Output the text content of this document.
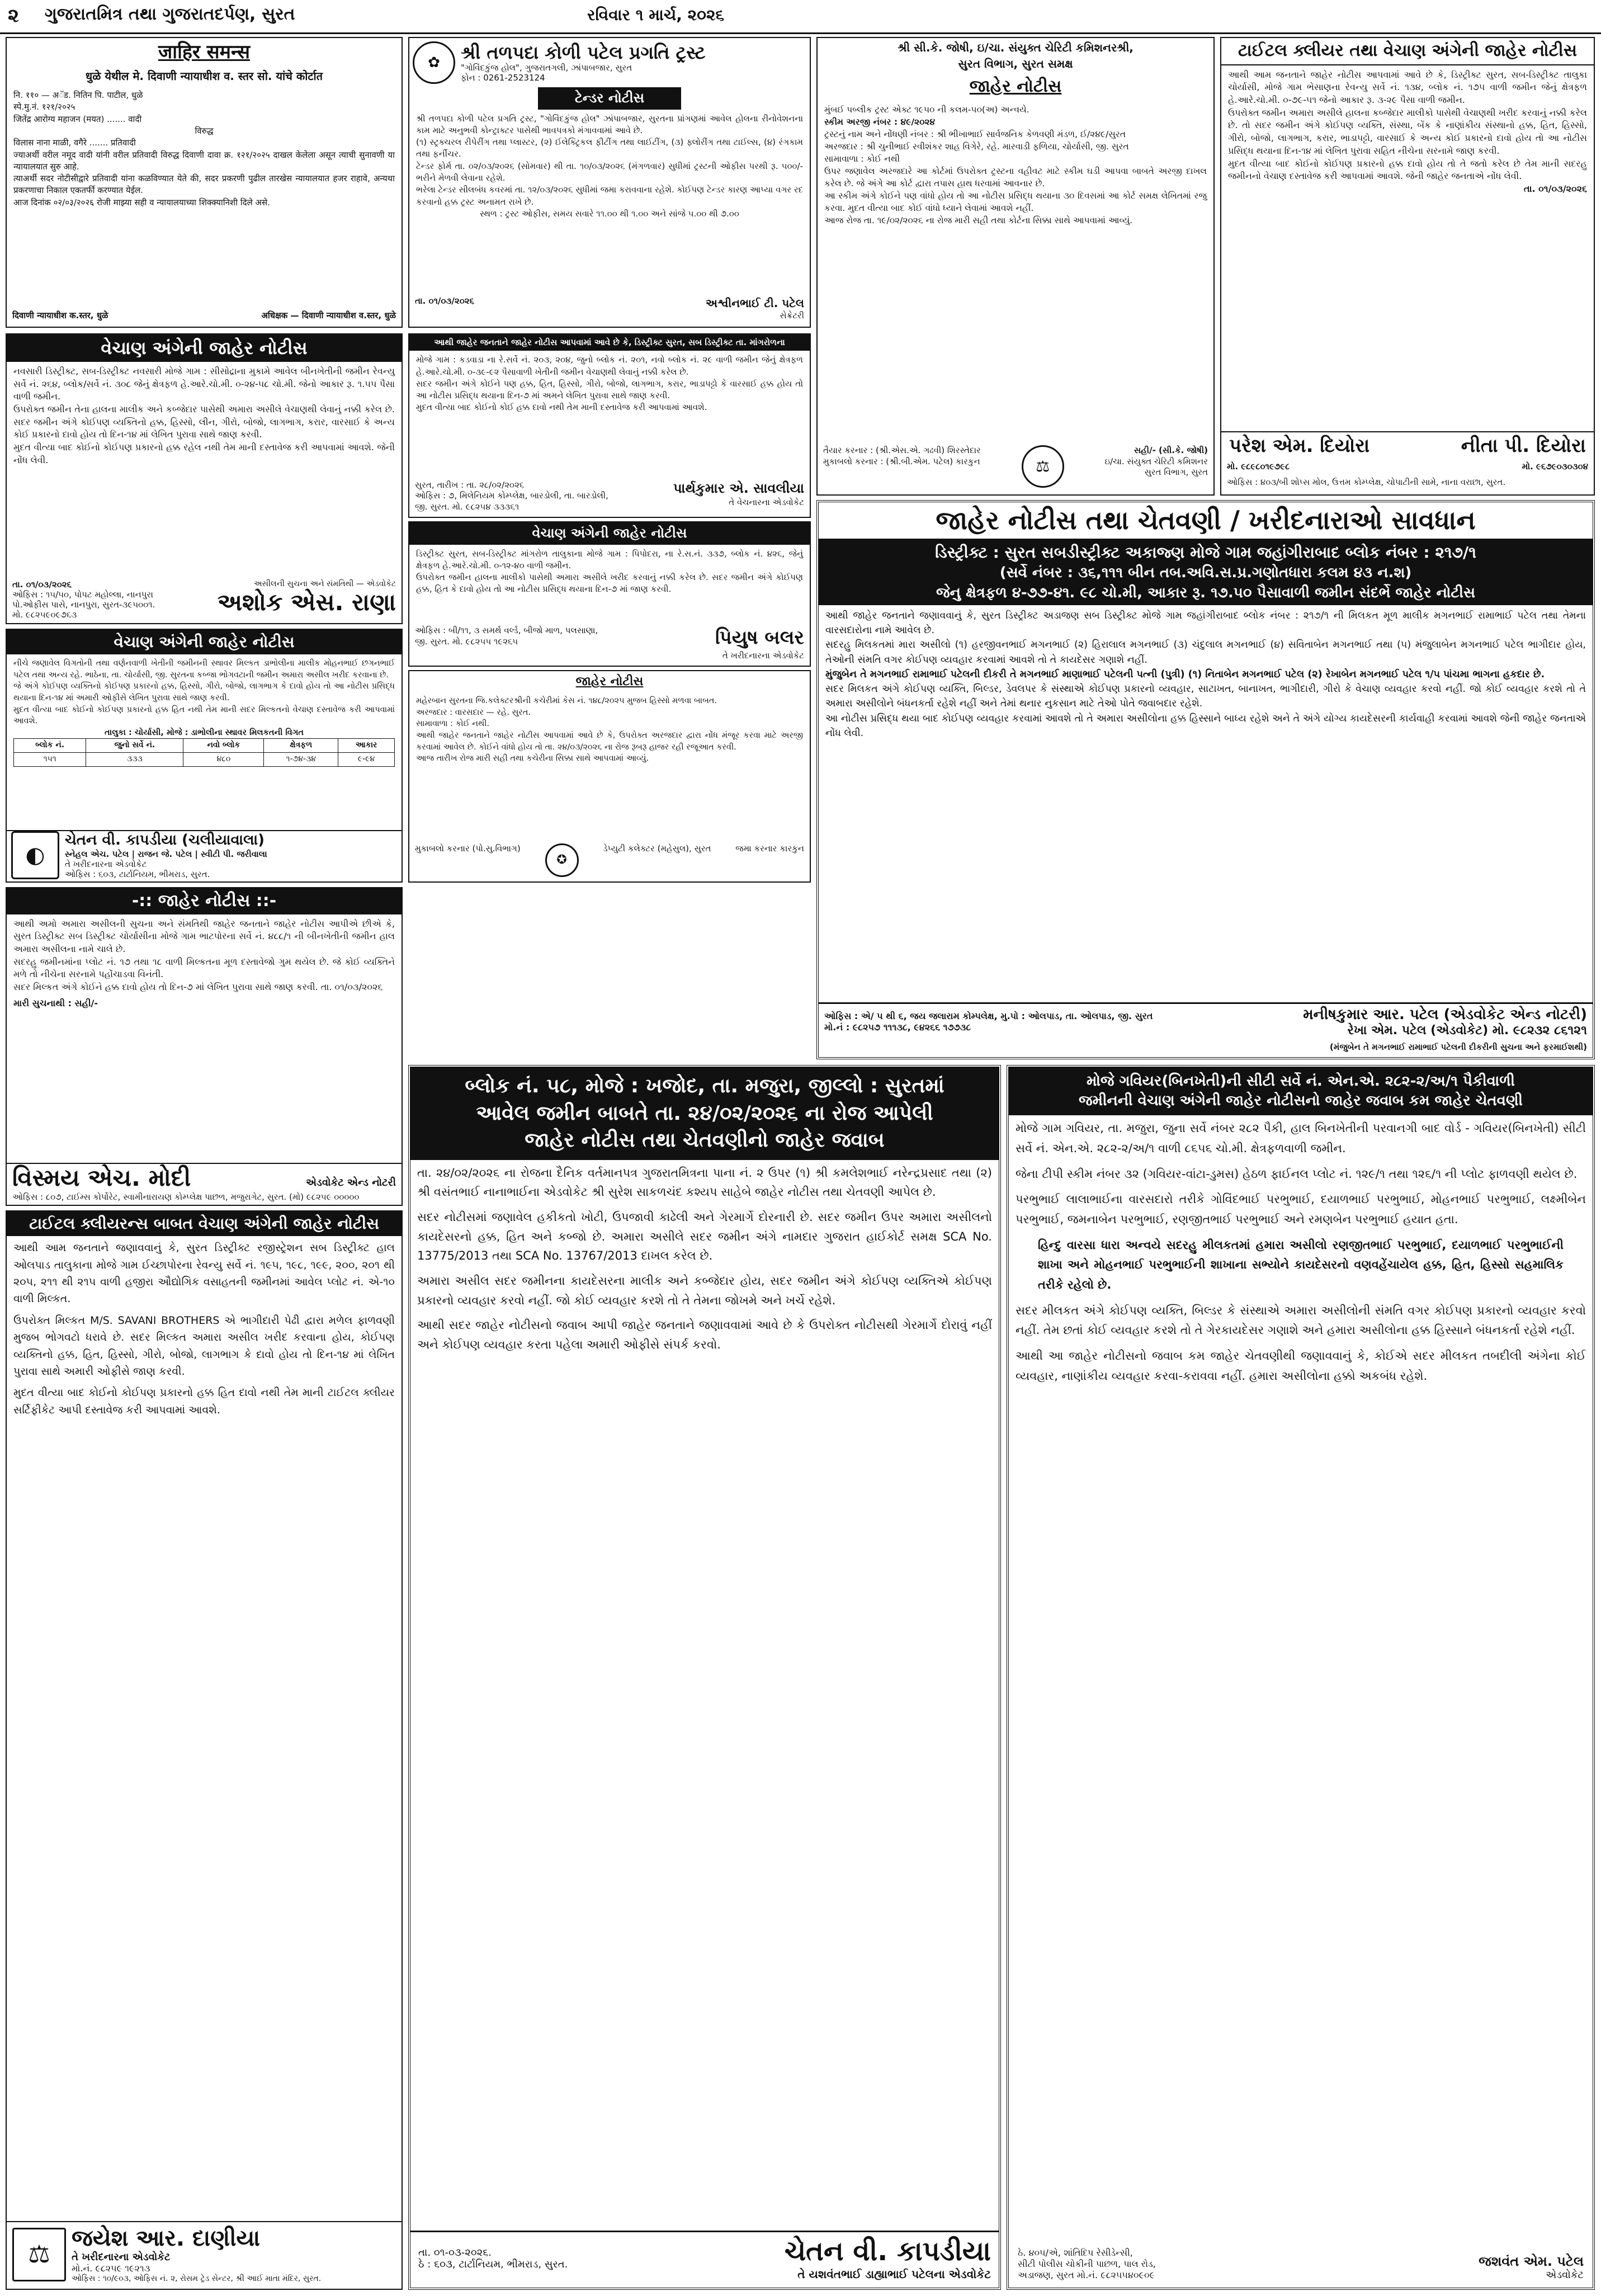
૨ ગુજરાતમિત્ર તથા ગુજરાતદર્પણ, સુરત	રવિવાર ૧ માર્ચ, ૨૦૨૬
जाहिर समन्स
धुळे येथील मे. दिवाणी न्यायाधीश व. स्तर सो. यांचे कोर्टात
नि. ११० — अॅड. नितिन पि. पाटील, धुळे
स्पे.मु.नं. १२१/२०२५
जितेंद्र आरोग्य महाजन (मयत) ....... वादी
विरुद्ध
विलास नाना माळी, वगैरे ....... प्रतिवादी
ज्याअर्थी वरील नमूद वादी यांनी वरील प्रतिवादी विरुद्ध दिवाणी दावा क्र. १२१/२०२५ दाखल केलेला असून त्याची सुनावणी या न्यायालयात सुरु आहे.
त्याअर्थी सदर नोटीसीद्वारे प्रतिवादी यांना कळविण्यात येते की, सदर प्रकरणी पुढील तारखेस न्यायालयात हजर राहावे, अन्यथा प्रकरणाचा निकाल एकतर्फी करण्यात येईल.
आज दिनांक ०२/०३/२०२६ रोजी माझ्या सही व न्यायालयाच्या शिक्क्यानिशी दिले असे.
दिवाणी न्यायाधीश क.स्तर, धुळे	अधिक्षक — दिवाणी न्यायाधीश व.स्तर, धुळे
✿	શ્રી તળપદા કોળી પટેલ પ્રગતિ ટ્રસ્ટ
"ગોવિંદકુંજ હોલ", ગુજરાતગલી, ઝાંપાબજાર, સુરત
ફોન : 0261-2523124
ટેન્ડર નોટીસ
શ્રી તળપદા કોળી પટેલ પ્રગતિ ટ્રસ્ટ, "ગોવિંદકુંજ હોલ" ઝાંપાબજાર, સુરતના પ્રાંગણમાં આવેલ હોલના રીનોવેશનના કામ માટે અનુભવી કોન્ટ્રાક્ટર પાસેથી ભાવપત્રકો મંગાવવામાં આવે છે.
(૧) સ્ટ્રક્ચરલ રીપેરીંગ તથા પ્લાસ્ટર, (૨) ઈલેક્ટ્રિકલ ફીટીંગ તથા લાઈટીંગ, (૩) ફ્લોરીંગ તથા ટાઈલ્સ, (૪) રંગકામ તથા ફર્નીચર.
ટેન્ડર ફોર્મ તા. ૦૨/૦૩/૨૦૨૬ (સોમવાર) થી તા. ૧૦/૦૩/૨૦૨૬ (મંગળવાર) સુધીમાં ટ્રસ્ટની ઓફીસ પરથી રૂ. ૫૦૦/- ભરીને મેળવી લેવાના રહેશે.
ભરેલા ટેન્ડર સીલબંધ કવરમાં તા. ૧૨/૦૩/૨૦૨૬ સુધીમાં જમા કરાવવાના રહેશે. કોઈપણ ટેન્ડર કારણ આપ્યા વગર રદ કરવાનો હક્ક ટ્રસ્ટ અનામત રાખે છે.
સ્થળ : ટ્રસ્ટ ઓફીસ, સમય સવારે ૧૧.૦૦ થી ૧.૦૦ અને સાંજે ૫.૦૦ થી ૭.૦૦
તા. ૦૧/૦૩/૨૦૨૬	અશ્વીનભાઈ ટી. પટેલ
સેક્રેટરી
શ્રી સી.કે. જોષી, ઇ/ચા. સંયુક્ત ચેરિટી કમિશનરશ્રી,
સુરત વિભાગ, સુરત સમક્ષ
જાહેર નોટીસ
મુંબઈ પબ્લીક ટ્રસ્ટ એક્ટ ૧૯૫૦ ની કલમ-૫૦(અ) અન્વયે.
સ્કીમ અરજી નંબર : ૪૯/૨૦૨૪
ટ્રસ્ટનું નામ અને નોંધણી નંબર : શ્રી ભીખાભાઈ સાર્વજનિક કેળવણી મંડળ, ઈ/૨૪૯/સુરત
અરજદાર : શ્રી ચુનીભાઈ રવીશંકર શાહ વિગેરે, રહે. મારવાડી ફળિયા, ચોર્યાસી, જી. સુરત
સામાવાળા : કોઈ નથી
ઉપર જણાવેલ અરજદારે આ કોર્ટમાં ઉપરોક્ત ટ્રસ્ટના વહીવટ માટે સ્કીમ ઘડી આપવા બાબતે અરજી દાખલ કરેલ છે. જે અંગે આ કોર્ટ દ્વારા તપાસ હાથ ધરવામાં આવનાર છે.
આ સ્કીમ અંગે કોઈને પણ વાંધો હોય તો આ નોટીસ પ્રસિદ્ધ થયાના ૩૦ દિવસમાં આ કોર્ટ સમક્ષ લેખિતમાં રજુ કરવા. મુદત વીત્યા બાદ કોઈ વાંધો ધ્યાને લેવામાં આવશે નહીં.
આજ રોજ તા. ૧૯/૦૨/૨૦૨૬ ના રોજ મારી સહી તથા કોર્ટના સિક્કા સાથે આપવામાં આવ્યું.
તૈયાર કરનાર : (શ્રી.એસ.એ. ગઢવી) શિરસ્તેદાર
મુકાબલો કરનાર : (શ્રી.બી.એમ. પટેલ) કારકુન	⚖
સહી/- (સી.કે. જોષી)
ઇ/ચા. સંયુક્ત ચેરિટી કમિશનર
સુરત વિભાગ, સુરત
ટાઈટલ ક્લીયર તથા વેચાણ અંગેની જાહેર નોટીસ
આથી આમ જનતાને જાહેર નોટીસ આપવામાં આવે છે કે, ડિસ્ટ્રીક્ટ સુરત, સબ-ડિસ્ટ્રીક્ટ તાલુકા ચોર્યાસી, મોજે ગામ ભેસાણના રેવન્યુ સર્વે નં. ૧૩૪, બ્લોક નં. ૧૭૫ વાળી જમીન જેનું ક્ષેત્રફળ હે.આરે.ચો.મી. ૦-૭૯-૫૧ જેનો આકાર રૂ. ૩-૨૯ પૈસા વાળી જમીન.
ઉપરોક્ત જમીન અમારા અસીલે હાલના કબ્જેદાર માલીકો પાસેથી વેચાણથી ખરીદ કરવાનું નક્કી કરેલ છે. તો સદર જમીન અંગે કોઈપણ વ્યક્તિ, સંસ્થા, બેંક કે નાણાંકીય સંસ્થાનો હક્ક, હિત, હિસ્સો, ગીરો, બોજો, લાગભાગ, કરાર, ભાડાપટ્ટો, વારસાઈ કે અન્ય કોઈ પ્રકારનો દાવો હોય તો આ નોટીસ પ્રસિદ્ધ થયાના દિન-૧૪ માં લેખિત પુરાવા સહિત નીચેના સરનામે જાણ કરવી.
મુદત વીત્યા બાદ કોઈનો કોઈપણ પ્રકારનો હક્ક દાવો હોય તો તે જતો કરેલ છે તેમ માની સદરહુ જમીનનો વેચાણ દસ્તાવેજ કરી આપવામાં આવશે. જેની જાહેર જનતાએ નોંધ લેવી.
તા. ૦૧/૦૩/૨૦૨૬
પરેશ એમ. દિયોરા	નીતા પી. દિયોરા
મો. ૯૮૯૮૦૧૯૭૯૮	મો. ૯૬૭૯૦૩૦૩૦૪
ઓફિસ : ૪૦૩/બી શોપ્સ મોલ, ઉત્તમ કોમ્પ્લેક્ષ, ચોપાટીની સામે, નાના વરાછા, સુરત.
વેચાણ અંગેની જાહેર નોટીસ
નવસારી ડિસ્ટ્રીક્ટ, સબ-ડિસ્ટ્રીક્ટ નવસારી મોજે ગામ : સીસોદ્રાના મુકામે આવેલ બીનખેતીની જમીન રેવન્યુ સર્વે નં. ૨૬૪, બ્લોક/સર્વે નં. ૩૦૮ જેનું ક્ષેત્રફળ હે.આરે.ચો.મી. ૦-૨૪-૫૮ ચો.મી. જેનો આકાર રૂ. ૧.૫૫ પૈસા વાળી જમીન.
ઉપરોક્ત જમીન તેના હાલના માલીક અને કબ્જેદાર પાસેથી અમારા અસીલે વેચાણથી લેવાનું નક્કી કરેલ છે. સદર જમીન અંગે કોઈપણ વ્યક્તિનો હક્ક, હિસ્સો, લીન, ગીરો, બોજો, લાગભાગ, કરાર, વારસાઈ કે અન્ય કોઈ પ્રકારનો દાવો હોય તો દિન-૧૪ માં લેખિત પુરાવા સાથે જાણ કરવી.
મુદત વીત્યા બાદ કોઈનો કોઈપણ પ્રકારનો હક્ક રહેલ નથી તેમ માની દસ્તાવેજ કરી આપવામાં આવશે. જેની નોંધ લેવી.
તા. ૦૧/૦૩/૨૦૨૬
ઓફિસ : ૧૫/૫૦, પોપટ મહોલ્લા, નાનપુરા પો.ઓફીસ પાસે, નાનપુરા, સુરત-૩૯૫૦૦૧.
મો. ૯૮૨૫૯૦૯૭૬૩
અસીલની સુચના અને સંમતિથી — એડવોકેટ
અશોક એસ. રાણા
આથી જાહેર જનતાને જાહેર નોટીસ આપવામાં આવે છે કે, ડિસ્ટ્રીક્ટ સુરત, સબ ડિસ્ટ્રીક્ટ તા. માંગરોળના
મોજે ગામ : કડવાડા ના રે.સર્વે નં. ૨૦૩, ૨૦૪, જુનો બ્લોક નં. ૨૦૧, નવો બ્લોક નં. ૨૯ વાળી જમીન જેનું ક્ષેત્રફળ હે.આરે.ચો.મી. ૦-૩૯-૯૨ પૈસાવાળી ખેતીની જમીન વેચાણથી લેવાનું નક્કી કરેલ છે.
સદર જમીન અંગે કોઈને પણ હક્ક, હિત, હિસ્સો, ગીરો, બોજો, લાગભાગ, કરાર, ભાડાપટ્ટો કે વારસાઈ હક્ક હોય તો આ નોટીસ પ્રસિદ્ધ થયાના દિન-૭ માં અમને લેખિત પુરાવા સાથે જાણ કરવી.
મુદત વીત્યા બાદ કોઈનો કોઈ હક્ક દાવો નથી તેમ માની દસ્તાવેજ કરી આપવામાં આવશે.
સુરત, તારીખ : તા. ૨૮/૦૨/૨૦૨૬
ઓફિસ : ૭, મિલેનિયમ કોમ્પ્લેક્ષ, બારડોલી, તા. બારડોલી, જી. સુરત. મો. ૯૮૨૫૪ ૩૩૩૬૧
પાર્થકુમાર એ. સાવલીયા
તે વેચનારના એડવોકેટ
વેચાણ અંગેની જાહેર નોટીસ
ડિસ્ટ્રીક્ટ સુરત, સબ-ડિસ્ટ્રીક્ટ માંગરોળ તાલુકાના મોજે ગામ : પિપોદરા, ના રે.સ.નં. ૩૩૭, બ્લોક નં. ૪૨૬, જેનું ક્ષેત્રફળ હે.આરે.ચો.મી. ૦-૧૨-૪૦ વાળી જમીન.
ઉપરોક્ત જમીન હાલના માલીકો પાસેથી અમારા અસીલે ખરીદ કરવાનું નક્કી કરેલ છે. સદર જમીન અંગે કોઈપણ હક્ક, હિત કે દાવો હોય તો આ નોટીસ પ્રસિદ્ધ થયાના દિન-૭ માં જાણ કરવી.
ઓફિસ : બી/૧૧, ૩ સમર્થ વર્લ્ડ, બીજો માળ, પલસાણા, જી. સુરત. મો. ૯૮૨૫૫ ૧૯૨૬૫	પિયુષ બલર
તે ખરીદનારના એડવોકેટ
જાહેર નોટીસ
મહેરબાન સુરતના જિ.કલેક્ટરશ્રીની કચેરીમાં કેસ નં. ૧૪૮/૨૦૨૫ મુજબ હિસ્સો મળવા બાબત.
અરજદાર : વારસદાર — રહે. સુરત.
સામાવાળા : કોઈ નથી.
આથી જાહેર જનતાને જાહેર નોટીસ આપવામાં આવે છે કે, ઉપરોક્ત અરજદાર દ્વારા નોંધ મંજૂર કરવા માટે અરજી કરવામાં આવેલ છે. કોઈને વાંધો હોય તો તા. ૨૪/૦૩/૨૦૨૬ ના રોજ રૂબરૂ હાજર રહી રજૂઆત કરવી.
આજ તારીખ રોજ મારી સહી તથા કચેરીના સિક્કા સાથે આપવામાં આવ્યું.
મુકાબલો કરનાર (પો.સુ.વિભાગ)
✪
ડેપ્યુટી કલેક્ટર (મહેસુલ), સુરત	જમા કરનાર કારકુન
વેચાણ અંગેની જાહેર નોટીસ
નીચે જણાવેલ વિગતોની તથા વર્ણનવાળી ખેતીની જમીનની સ્થાવર મિલ્કત ડાભોલીના માલીક મોહનભાઈ છગનભાઈ પટેલ તથા અન્ય રહે. ભાઠેના, તા. ચોર્યાસી, જી. સુરતના કબ્જા ભોગવટાની જમીન અમારા અસીલ ખરીદ કરવાના છે.
જે અંગે કોઈપણ વ્યક્તિનો કોઈપણ પ્રકારનો હક્ક, હિસ્સો, ગીરો, બોજો, લાગભાગ કે દાવો હોય તો આ નોટીસ પ્રસિદ્ધ થયાના દિન-૧૪ માં અમારી ઓફીસે લેખિત પુરાવા સાથે જાણ કરવી.
મુદત વીત્યા બાદ કોઈનો કોઈપણ પ્રકારનો હક્ક હિત નથી તેમ માની સદર મિલ્કતનો વેચાણ દસ્તાવેજ કરી આપવામાં આવશે.
તાલુકા : ચોર્યાસી, મોજે : ડાભોલીના સ્થાવર મિલકતની વિગત
બ્લોક નં.	જુનો સર્વે નં.	નવો બ્લોક	ક્ષેત્રફળ	આકાર
૧૫૧	૩૩૩	૪૮૦	૧-૭૪-૩૪	૯-૯૪
◐
ચેતન વી. કાપડીયા (ચલીયાવાલા)
સ્નેહલ એચ. પટેલ | રાજન જે. પટેલ | સ્વીટી પી. જરીવાલા
તે ખરીદનારના એડવોકેટ
ઓફિસ : ૬૦૩, ટાર્ટાનિયમ, ભીમરાડ, સુરત.
જાહેર નોટીસ તથા ચેતવણી / ખરીદનારાઓ સાવધાન
ડિસ્ટ્રીક્ટ : સુરત સબડીસ્ટ્રીક્ટ અકાજ્ણ મોજે ગામ જહાંગીરાબાદ બ્લોક નંબર : ૨૧૭/૧
(સર્વે નંબર : ૩૬,૧૧૧ બીન તબ.અવિ.સ.પ્ર.ગણોતધારા કલમ ૪૩ ન.શ)
જેનુ ક્ષેત્રફળ ૪-૭૭-૪૧. ૯૮ ચો.મી, આકાર રૂ. ૧૭.૫૦ પૈસાવાળી જમીન સંદર્ભે જાહેર નોટીસ
આથી જાહેર જનતાને જણાવવાનું કે, સુરત ડિસ્ટ્રીક્ટ અડાજણ સબ ડિસ્ટ્રીક્ટ મોજે ગામ જહાંગીરાબાદ બ્લોક નંબર : ૨૧૭/૧ ની મિલકત મૂળ માલીક મગનભાઈ રામાભાઈ પટેલ તથા તેમના વારસદારોના નામે આવેલ છે.
સદરહુ મિલકતમાં મારા અસીલો (૧) હરજીવનભાઈ મગનભાઈ (૨) હિરાલાલ મગનભાઈ (૩) ચંદુલાલ મગનભાઈ (૪) સવિતાબેન મગનભાઈ તથા (૫) મંજુલાબેન મગનભાઈ પટેલ ભાગીદાર હોય, તેઓની સંમતિ વગર કોઈપણ વ્યવહાર કરવામાં આવશે તો તે કાયદેસર ગણાશે નહીં.
મુંજુબેન તે મગનભાઈ રામાભાઈ પટેલની દીકરી તે મગનભાઈ માણાભાઈ પટેલની પત્ની (પુત્રી) (૧) નિતાબેન મગનભાઈ પટેલ (૨) રેખાબેન મગનભાઈ પટેલ ૧/૫ પાંચમા ભાગના હકદાર છે.
સદર મિલકત અંગે કોઈપણ વ્યક્તિ, બિલ્ડર, ડેવલપર કે સંસ્થાએ કોઈપણ પ્રકારનો વ્યવહાર, સાટાખત, બાનાખત, ભાગીદારી, ગીરો કે વેચાણ વ્યવહાર કરવો નહીં. જો કોઈ વ્યવહાર કરશે તો તે અમારા અસીલોને બંધનકર્તા રહેશે નહીં અને તેમાં થનાર નુકસાન માટે તેઓ પોતે જવાબદાર રહેશે.
આ નોટીસ પ્રસિદ્ધ થયા બાદ કોઈપણ વ્યવહાર કરવામાં આવશે તો તે અમારા અસીલોના હક્ક હિસ્સાને બાધ્ય રહેશે અને તે અંગે યોગ્ય કાયદેસરની કાર્યવાહી કરવામાં આવશે જેની જાહેર જનતાએ નોંધ લેવી.
ઓફિસ : એ/ ૫ થી ૬, જય જલારામ કોમ્પલેક્ષ, મુ.પો : ઓલપાડ, તા. ઓલપાડ, જી. સુરત
મો.નં : ૯૮૨૫૭ ૧૧૧૩૮, ૯૪૨૬૬ ૧૭૭૩૮
મનીષકુમાર આર. પટેલ (એડવોકેટ એન્ડ નોટરી)
રેખા એમ. પટેલ (એડવોકેટ) મો. ૯૮૨૩૨ ૮૬૧૨૧
(મંજુબેન તે મગનભાઈ રામાભાઈ પટેલની દીકરીની સુચના અને ફરમાઈશથી)
-:: જાહેર નોટીસ ::-
આથી અમો અમારા અસીલની સુચના અને સંમતિથી જાહેર જનતાને જાહેર નોટીસ આપીએ છીએ કે, સુરત ડિસ્ટ્રીક્ટ સબ ડિસ્ટ્રીક્ટ ચોર્યાસીના મોજે ગામ ભાટપોરના સર્વે નં. ૪૮૮/૧ ની બીનખેતીની જમીન હાલ અમારા અસીલના નામે ચાલે છે.
સદરહુ જમીનમાંના પ્લોટ નં. ૧૭ તથા ૧૮ વાળી મિલ્કતના મૂળ દસ્તાવેજો ગુમ થયેલ છે. જે કોઈ વ્યક્તિને મળે તો નીચેના સરનામે પહોંચાડવા વિનંતી.
સદર મિલ્કત અંગે કોઈને હક્ક દાવો હોય તો દિન-૭ માં લેખિત પુરાવા સાથે જાણ કરવી. તા. ૦૧/૦૩/૨૦૨૬
મારી સુચનાથી : સહી/-
વિસ્મય એચ. મોદી	એડવોકેટ એન્ડ નોટરી
ઓફિસ : ૮૦૭, ટાઈમ્સ કોર્પોરેટ, સ્વામીનારાયણ કોમ્પ્લેક્ષ પાછળ, મજુરાગેટ, સુરત. (મો) ૯૮૨૫૯ ૦૦૦૦૦
ટાઈટલ ક્લીયરન્સ બાબત વેચાણ અંગેની જાહેર નોટીસ
આથી આમ જનતાને જણાવવાનું કે, સુરત ડિસ્ટ્રીક્ટ રજીસ્ટ્રેશન સબ ડિસ્ટ્રીક્ટ હાલ ઓલપાડ તાલુકાના મોજે ગામ ઈચ્છાપોરના રેવન્યુ સર્વે નં. ૧૯૫, ૧૯૮, ૧૯૯, ૨૦૦, ૨૦૧ થી ૨૦૫, ૨૧૧ થી ૨૧૫ વાળી હજીરા ઔદ્યોગિક વસાહતની જમીનમાં આવેલ પ્લોટ નં. એ-૧૦ વાળી મિલ્કત.
ઉપરોક્ત મિલ્કત M/S. SAVANI BROTHERS એ ભાગીદારી પેઢી દ્વારા મળેલ ફાળવણી મુજબ ભોગવટો ધરાવે છે. સદર મિલ્કત અમારા અસીલ ખરીદ કરવાના હોય, કોઈપણ વ્યક્તિનો હક્ક, હિત, હિસ્સો, ગીરો, બોજો, લાગભાગ કે દાવો હોય તો દિન-૧૪ માં લેખિત પુરાવા સાથે અમારી ઓફીસે જાણ કરવી.
મુદત વીત્યા બાદ કોઈનો કોઈપણ પ્રકારનો હક્ક હિત દાવો નથી તેમ માની ટાઈટલ ક્લીયર સર્ટિફીકેટ આપી દસ્તાવેજ કરી આપવામાં આવશે.
⚖
જયેશ આર. દાણીયા
તે ખરીદનારના એડવોકેટ
મો.નં. ૯૮૨૫૯ ૧૯૨૧૩
ઓફિસ : ૧૦/૯૦૩, ઓફિસ નં. ૨, રોસમ ટ્રેડ સેન્ટર, શ્રી આઈ માતા મંદિર, સુરત.
બ્લોક નં. ૫૮, મોજે : ખજોદ, તા. મજુરા, જીલ્લો : સુરતમાં
આવેલ જમીન બાબતે તા. ૨૪/૦૨/૨૦૨૬ ના રોજ આપેલી
જાહેર નોટીસ તથા ચેતવણીનો જાહેર જવાબ
તા. ૨૪/૦૨/૨૦૨૬ ના રોજના દૈનિક વર્તમાનપત્ર ગુજરાતમિત્રના પાના નં. ૨ ઉપર (૧) શ્રી કમલેશભાઈ નરેન્દ્રપ્રસાદ તથા (૨) શ્રી વસંતભાઈ નાનાભાઈના એડવોકેટ શ્રી સુરેશ સાકળચંદ કશ્યપ સાહેબે જાહેર નોટીસ તથા ચેતવણી આપેલ છે.
સદર નોટીસમાં જણાવેલ હકીકતો ખોટી, ઉપજાવી કાઢેલી અને ગેરમાર્ગે દોરનારી છે. સદર જમીન ઉપર અમારા અસીલનો કાયદેસરનો હક્ક, હિત અને કબ્જો છે. અમારા અસીલે સદર જમીન અંગે નામદાર ગુજરાત હાઈકોર્ટ સમક્ષ SCA No. 13775/2013 તથા SCA No. 13767/2013 દાખલ કરેલ છે.
અમારા અસીલ સદર જમીનના કાયદેસરના માલીક અને કબ્જેદાર હોય, સદર જમીન અંગે કોઈપણ વ્યક્તિએ કોઈપણ પ્રકારનો વ્યવહાર કરવો નહીં. જો કોઈ વ્યવહાર કરશે તો તે તેમના જોખમે અને ખર્ચે રહેશે.
આથી સદર જાહેર નોટીસનો જવાબ આપી જાહેર જનતાને જણાવવામાં આવે છે કે ઉપરોક્ત નોટીસથી ગેરમાર્ગે દોરાવું નહીં અને કોઈપણ વ્યવહાર કરતા પહેલા અમારી ઓફીસે સંપર્ક કરવો.
તા. ૦૧-૦૩-૨૦૨૬.
ઠે : ૬૦૩, ટાર્ટાનિયમ, ભીમરાડ, સુરત.	ચેતન વી. કાપડીયા
તે યશવંતભાઈ ડાહ્યાભાઈ પટેલના એડવોકેટ
મોજે ગવિયર(બિનખેતી)ની સીટી સર્વે નં. એન.એ. ૨૮૨-૨/અ/૧ પૈકીવાળી
જમીનની વેચાણ અંગેની જાહેર નોટીસનો જાહેર જવાબ કમ જાહેર ચેતવણી
મોજે ગામ ગવિયર, તા. મજુરા, જુના સર્વે નંબર ૨૮૨ પૈકી, હાલ બિનખેતીની પરવાનગી બાદ વોર્ડ - ગવિયર(બિનખેતી) સીટી સર્વે નં. એન.એ. ૨૮૨-૨/અ/૧ વાળી ૮૬૫૬ ચો.મી. ક્ષેત્રફળવાળી જમીન.
જેના ટીપી સ્કીમ નંબર ૩૨ (ગવિયર-વાંટા-ડુમસ) હેઠળ ફાઈનલ પ્લોટ નં. ૧૨૯/૧ તથા ૧૨૬/૧ ની પ્લોટ ફાળવણી થયેલ છે.
પરભુભાઈ લાલાભાઈના વારસદારો તરીકે ગોવિંદભાઈ પરભુભાઈ, દયાળભાઈ પરભુભાઈ, મોહનભાઈ પરભુભાઈ, લક્ષ્મીબેન પરભુભાઈ, જમનાબેન પરભુભાઈ, રણજીતભાઈ પરભુભાઈ અને રમણબેન પરભુભાઈ હયાત હતા.
હિન્દુ વારસા ધારા અન્વયે સદરહુ મીલકતમાં હમારા અસીલો રણજીતભાઈ પરભુભાઈ, દયાળભાઈ પરભુભાઈની શાખા અને મોહનભાઈ પરભુભાઈની શાખાના સભ્યોને કાયદેસરનો વણવહેંચાયેલ હક્ક, હિત, હિસ્સો સહમાલિક તરીકે રહેલો છે.
સદર મીલકત અંગે કોઈપણ વ્યક્તિ, બિલ્ડર કે સંસ્થાએ અમારા અસીલોની સંમતિ વગર કોઈપણ પ્રકારનો વ્યવહાર કરવો નહીં. તેમ છતાં કોઈ વ્યવહાર કરશે તો તે ગેરકાયદેસર ગણાશે અને હમારા અસીલોના હક્ક હિસ્સાને બંધનકર્તા રહેશે નહીં.
આથી આ જાહેર નોટીસનો જવાબ કમ જાહેર ચેતવણીથી જણાવવાનું કે, કોઈએ સદર મીલકત તબદીલી અંગેના કોઈ વ્યવહાર, નાણાંકીય વ્યવહાર કરવા-કરાવવા નહીં. હમારા અસીલોના હક્કો અકબંધ રહેશે.
ઠે. ૪૦૫/એ, શાંતિદિપ રેસીડેન્સી,
સીટી પોલીસ ચોકીની પાછળ, પાલ રોડ,
અડાજણ, સુરત મો.નં. ૯૮૨૫૫૪૦૯૦૯
જશવંત એમ. પટેલ
એડવોકેટ
